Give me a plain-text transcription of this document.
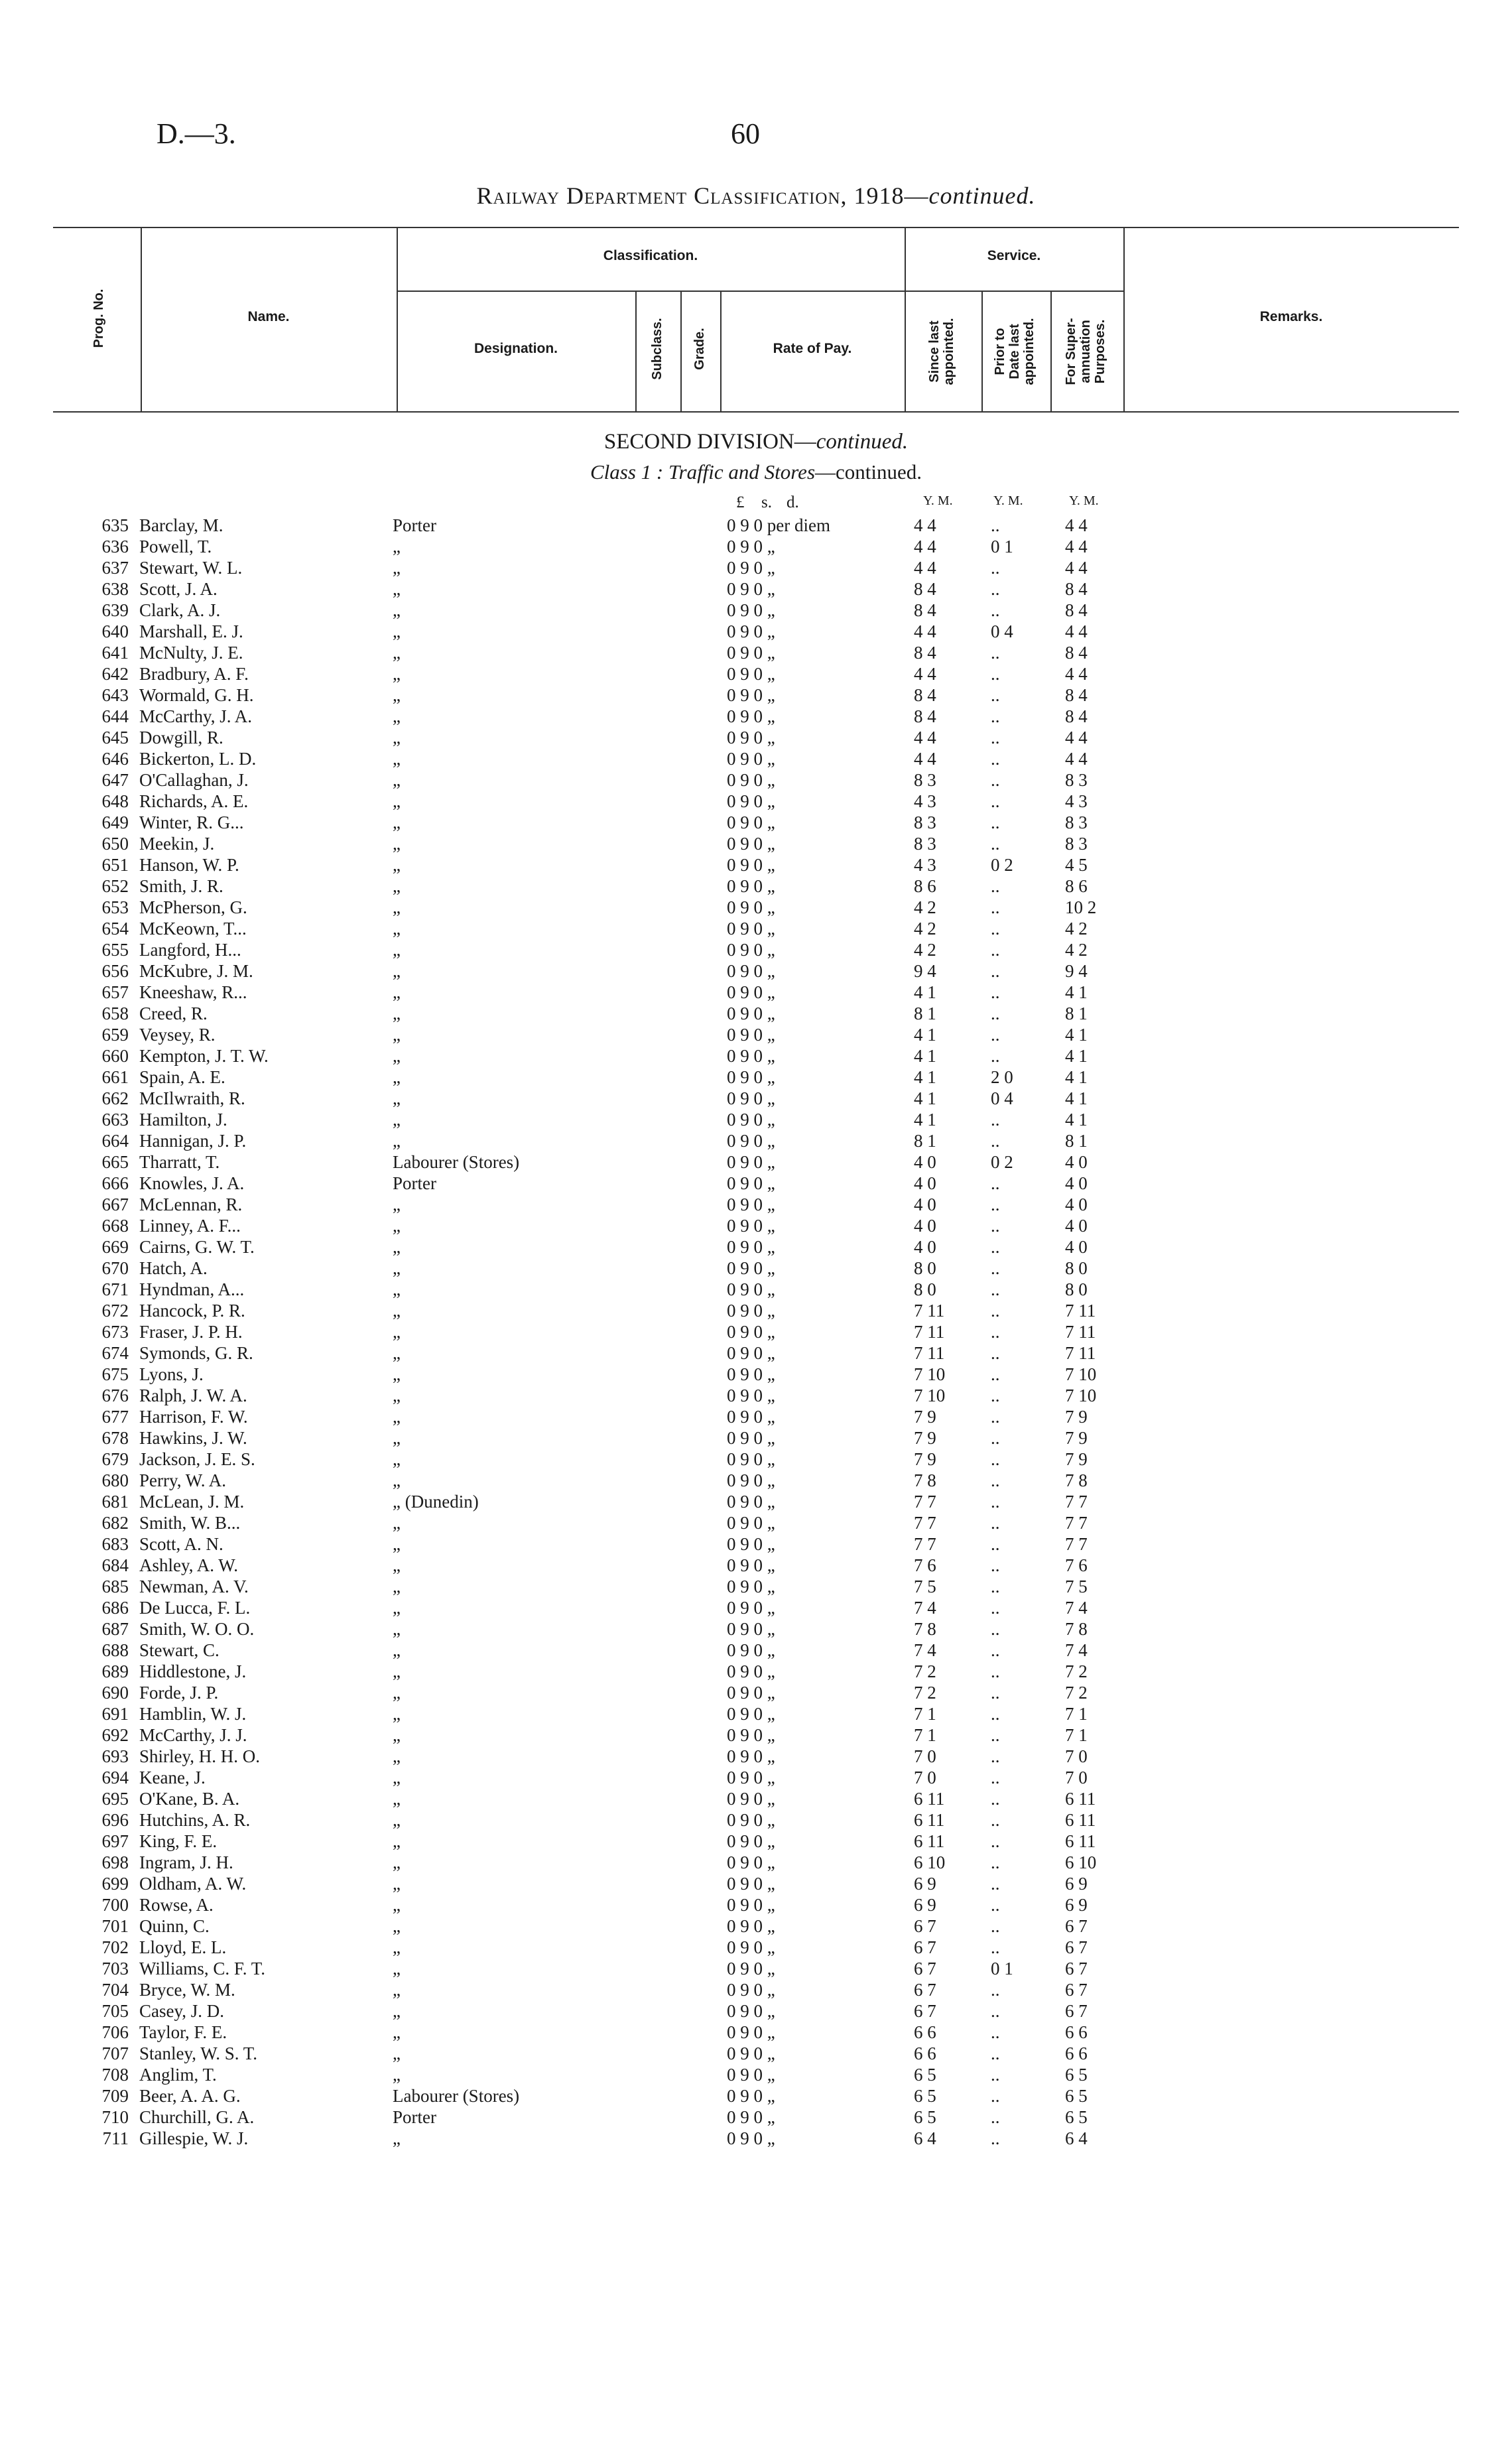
D.—3.	60
Railway Department Classification, 1918—continued.
Prog. No.	Name.
Classification.
Designation.	Subclass. Grade.	Rate of Pay.
Service.
Since last
appointed.	Prior to
Date last
appointed. For Super-
annuation
Purposes.
Remarks.
SECOND DIVISION—continued.
Class 1 : Traffic and Stores—continued.
£ s. d.	Y. M.	Y. M.	Y. M.
635 Barclay, M.	Porter	0 9 0 per diem	4 4	..	4 4
636 Powell, T.	„	0 9 0 „	4 4	0 1	4 4
637 Stewart, W. L.	„	0 9 0 „	4 4	..	4 4
638 Scott, J. A.	„	0 9 0 „	8 4	..	8 4
639 Clark, A. J.	„	0 9 0 „	8 4	..	8 4
640 Marshall, E. J.	„	0 9 0 „	4 4	0 4	4 4
641 McNulty, J. E.	„	0 9 0 „	8 4	..	8 4
642 Bradbury, A. F.	„	0 9 0 „	4 4	..	4 4
643 Wormald, G. H.	„	0 9 0 „	8 4	..	8 4
644 McCarthy, J. A.	„	0 9 0 „	8 4	..	8 4
645 Dowgill, R.	„	0 9 0 „	4 4	..	4 4
646 Bickerton, L. D.	„	0 9 0 „	4 4	..	4 4
647 O'Callaghan, J.	„	0 9 0 „	8 3	..	8 3
648 Richards, A. E.	„	0 9 0 „	4 3	..	4 3
649 Winter, R. G...	„	0 9 0 „	8 3	..	8 3
650 Meekin, J.	„	0 9 0 „	8 3	..	8 3
651 Hanson, W. P.	„	0 9 0 „	4 3	0 2	4 5
652 Smith, J. R.	„	0 9 0 „	8 6	..	8 6
653 McPherson, G.	„	0 9 0 „	4 2	..	10 2
654 McKeown, T...	„	0 9 0 „	4 2	..	4 2
655 Langford, H...	„	0 9 0 „	4 2	..	4 2
656 McKubre, J. M.	„	0 9 0 „	9 4	..	9 4
657 Kneeshaw, R...	„	0 9 0 „	4 1	..	4 1
658 Creed, R.	„	0 9 0 „	8 1	..	8 1
659 Veysey, R.	„	0 9 0 „	4 1	..	4 1
660 Kempton, J. T. W.	„	0 9 0 „	4 1	..	4 1
661 Spain, A. E.	„	0 9 0 „	4 1	2 0	4 1
662 McIlwraith, R.	„	0 9 0 „	4 1	0 4	4 1
663 Hamilton, J.	„	0 9 0 „	4 1	..	4 1
664 Hannigan, J. P.	„	0 9 0 „	8 1	..	8 1
665 Tharratt, T.	Labourer (Stores)	0 9 0 „	4 0	0 2	4 0
666 Knowles, J. A.	Porter	0 9 0 „	4 0	..	4 0
667 McLennan, R.	„	0 9 0 „	4 0	..	4 0
668 Linney, A. F...	„	0 9 0 „	4 0	..	4 0
669 Cairns, G. W. T.	„	0 9 0 „	4 0	..	4 0
670 Hatch, A.	„	0 9 0 „	8 0	..	8 0
671 Hyndman, A...	„	0 9 0 „	8 0	..	8 0
672 Hancock, P. R.	„	0 9 0 „	7 11	..	7 11
673 Fraser, J. P. H.	„	0 9 0 „	7 11	..	7 11
674 Symonds, G. R.	„	0 9 0 „	7 11	..	7 11
675 Lyons, J.	„	0 9 0 „	7 10	..	7 10
676 Ralph, J. W. A.	„	0 9 0 „	7 10	..	7 10
677 Harrison, F. W.	„	0 9 0 „	7 9	..	7 9
678 Hawkins, J. W.	„	0 9 0 „	7 9	..	7 9
679 Jackson, J. E. S.	„	0 9 0 „	7 9	..	7 9
680 Perry, W. A.	„	0 9 0 „	7 8	..	7 8
681 McLean, J. M.	„ (Dunedin)	0 9 0 „	7 7	..	7 7
682 Smith, W. B...	„	0 9 0 „	7 7	..	7 7
683 Scott, A. N.	„	0 9 0 „	7 7	..	7 7
684 Ashley, A. W.	„	0 9 0 „	7 6	..	7 6
685 Newman, A. V.	„	0 9 0 „	7 5	..	7 5
686 De Lucca, F. L.	„	0 9 0 „	7 4	..	7 4
687 Smith, W. O. O.	„	0 9 0 „	7 8	..	7 8
688 Stewart, C.	„	0 9 0 „	7 4	..	7 4
689 Hiddlestone, J.	„	0 9 0 „	7 2	..	7 2
690 Forde, J. P.	„	0 9 0 „	7 2	..	7 2
691 Hamblin, W. J.	„	0 9 0 „	7 1	..	7 1
692 McCarthy, J. J.	„	0 9 0 „	7 1	..	7 1
693 Shirley, H. H. O.	„	0 9 0 „	7 0	..	7 0
694 Keane, J.	„	0 9 0 „	7 0	..	7 0
695 O'Kane, B. A.	„	0 9 0 „	6 11	..	6 11
696 Hutchins, A. R.	„	0 9 0 „	6 11	..	6 11
697 King, F. E.	„	0 9 0 „	6 11	..	6 11
698 Ingram, J. H.	„	0 9 0 „	6 10	..	6 10
699 Oldham, A. W.	„	0 9 0 „	6 9	..	6 9
700 Rowse, A.	„	0 9 0 „	6 9	..	6 9
701 Quinn, C.	„	0 9 0 „	6 7	..	6 7
702 Lloyd, E. L.	„	0 9 0 „	6 7	..	6 7
703 Williams, C. F. T.	„	0 9 0 „	6 7	0 1	6 7
704 Bryce, W. M.	„	0 9 0 „	6 7	..	6 7
705 Casey, J. D.	„	0 9 0 „	6 7	..	6 7
706 Taylor, F. E.	„	0 9 0 „	6 6	..	6 6
707 Stanley, W. S. T.	„	0 9 0 „	6 6	..	6 6
708 Anglim, T.	„	0 9 0 „	6 5	..	6 5
709 Beer, A. A. G.	Labourer (Stores)	0 9 0 „	6 5	..	6 5
710 Churchill, G. A.	Porter	0 9 0 „	6 5	..	6 5
711 Gillespie, W. J.	„	0 9 0 „	6 4	..	6 4
